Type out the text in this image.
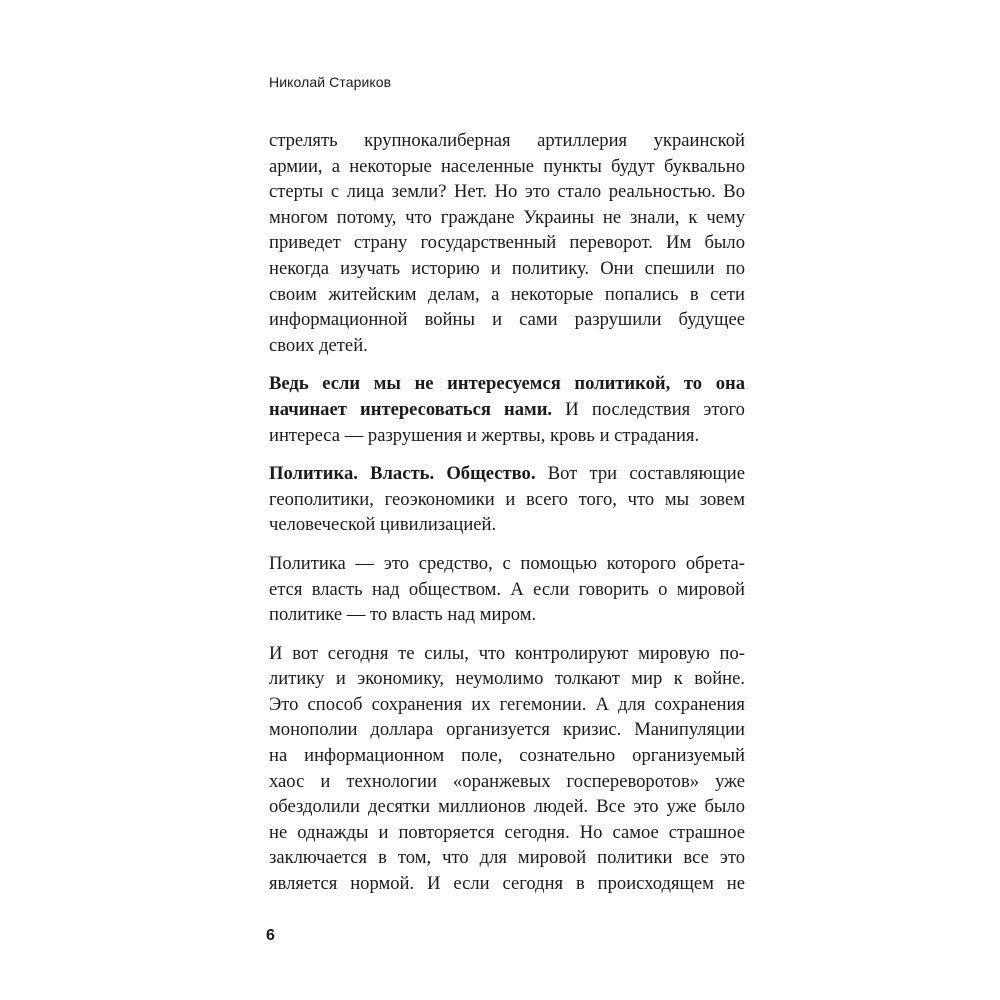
Николай Стариков
стрелять крупнокалиберная артиллерия украинской
армии, а некоторые населенные пункты будут буквально
стерты с лица земли? Нет. Но это стало реальностью. Во
многом потому, что граждане Украины не знали, к чему
приведет страну государственный переворот. Им было
некогда изучать историю и политику. Они спешили по
своим житейским делам, а некоторые попались в сети
информационной войны и сами разрушили будущее
своих детей.
Ведь если мы не интересуемся политикой, то она
начинает интересоваться нами. И последствия этого
интереса — разрушения и жертвы, кровь и страдания.
Политика. Власть. Общество. Вот три составляющие
геополитики, геоэкономики и всего того, что мы зовем
человеческой цивилизацией.
Политика — это средство, с помощью которого обрета-
ется власть над обществом. А если говорить о мировой
политике — то власть над миром.
И вот сегодня те силы, что контролируют мировую по-
литику и экономику, неумолимо толкают мир к войне.
Это способ сохранения их гегемонии. А для сохранения
монополии доллара организуется кризис. Манипуляции
на информационном поле, сознательно организуемый
хаос и технологии «оранжевых госпереворотов» уже
обездолили десятки миллионов людей. Все это уже было
не однажды и повторяется сегодня. Но самое страшное
заключается в том, что для мировой политики все это
является нормой. И если сегодня в происходящем не
6
